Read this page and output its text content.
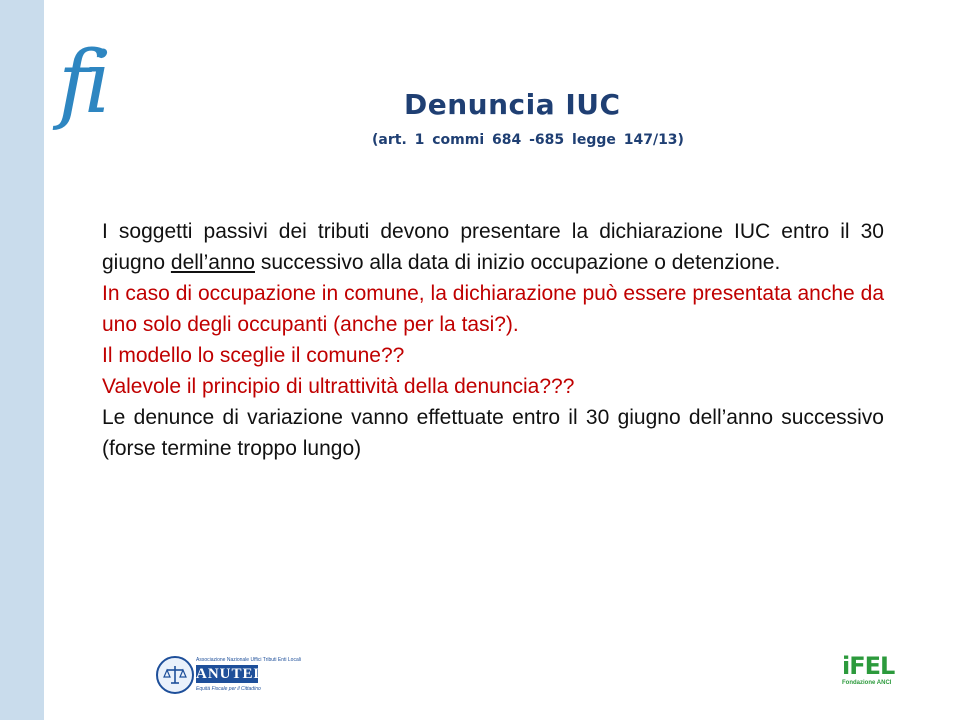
fi	Denuncia IUC
(art. 1 commi 684 -685 legge 147/13)

I soggetti passivi dei tributi devono presentare la dichiarazione IUC entro il 30 giugno dell’anno successivo alla data di inizio occupazione o detenzione.

In caso di occupazione in comune, la dichiarazione può essere presentata anche da uno solo degli occupanti (anche per la tasi?).

Il modello lo sceglie il comune??

Valevole il principio di ultrattività della denuncia???

Le denunce di variazione vanno effettuate entro il 30 giugno dell’anno successivo (forse termine troppo lungo)

Associazione Nazionale Uffici Tributi Enti Locali
ANUTEL
Equità Fiscale per il Cittadino
iFEL
Fondazione ANCI
